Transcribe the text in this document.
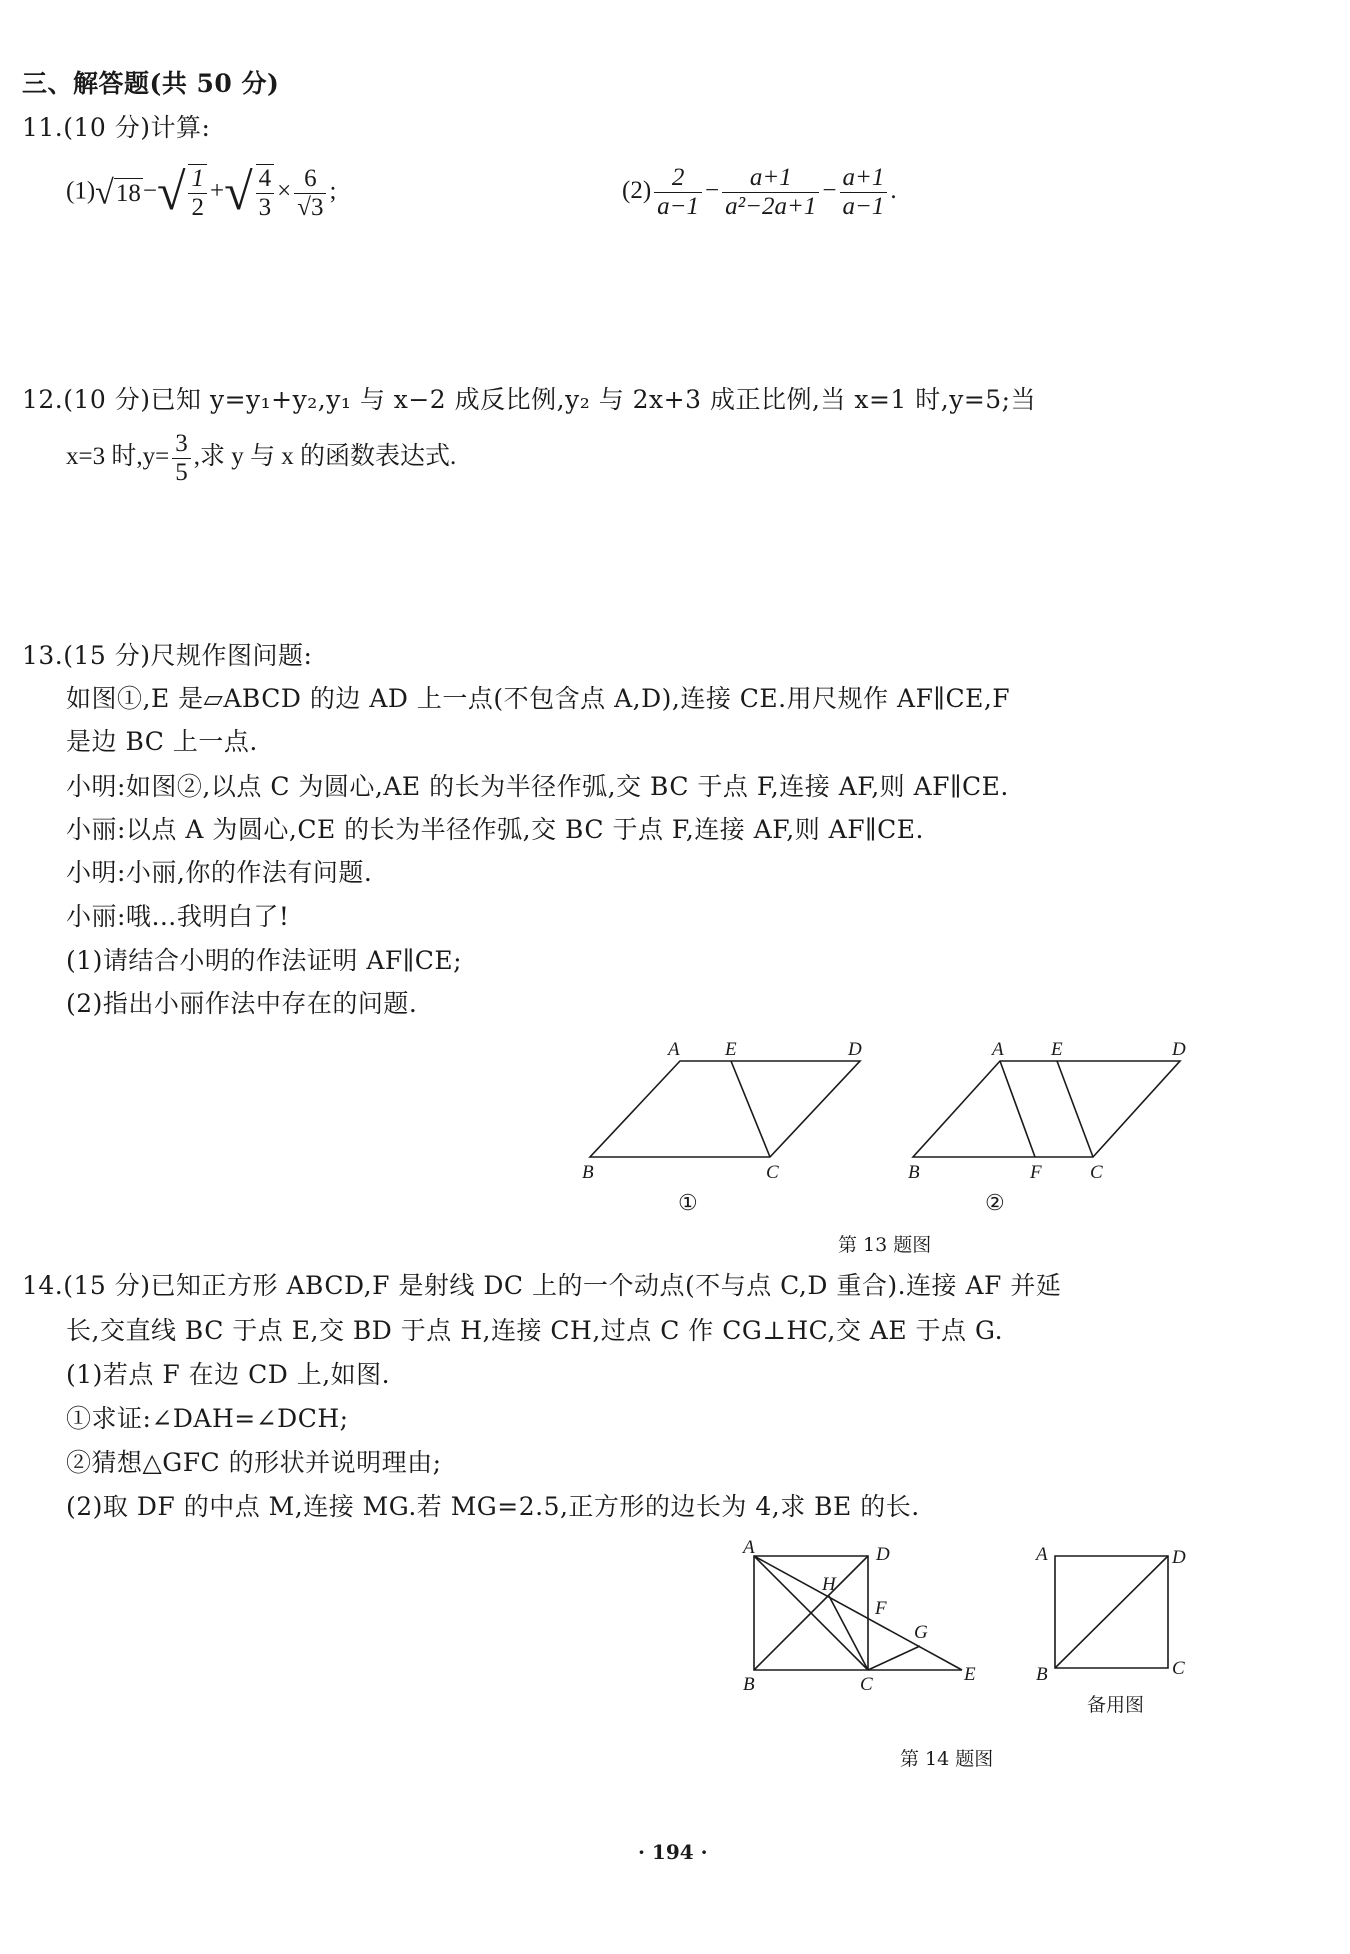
三、解答题(共 50 分)
11.(10 分)计算:
$(1)√18-√ \frac{1}{2}$ +√ $\frac{4}{3} \times \frac{6}{√3}$ ;	$(2) \frac{2}{a-1} - \frac{a+1}{\text{a²−2a+1}} - \frac{a+1}{a-1}$ .
12.(10 分)已知 y=y₁+y₂,y₁ 与 x−2 成反比例,y₂ 与 2x+3 成正比例,当 x=1 时,y=5;当
x=3 时$,y= \frac{3}{5}$ ,求 y 与 x 的函数表达式.
13.(15 分)尺规作图问题:
如图①,E 是▱ABCD 的边 AD 上一点(不包含点 A,D),连接 CE.用尺规作 AF∥CE,F
是边 BC 上一点.
小明:如图②,以点 C 为圆心,AE 的长为半径作弧,交 BC 于点 F,连接 AF,则 AF∥CE.
小丽:以点 A 为圆心,CE 的长为半径作弧,交 BC 于点 F,连接 AF,则 AF∥CE.
小明:小丽,你的作法有问题.
小丽:哦…我明白了!
(1)请结合小明的作法证明 AF∥CE;
(2)指出小丽作法中存在的问题.
A E	D
B	C
①
A E	D
B	F	C
②
A	D
H
F
G
B	C	E
A	D
B	C
第 13 题图
14.(15 分)已知正方形 ABCD,F 是射线 DC 上的一个动点(不与点 C,D 重合).连接 AF 并延
长,交直线 BC 于点 E,交 BD 于点 H,连接 CH,过点 C 作 CG⊥HC,交 AE 于点 G.
(1)若点 F 在边 CD 上,如图.
①求证:∠DAH=∠DCH;
②猜想△GFC 的形状并说明理由;
(2)取 DF 的中点 M,连接 MG.若 MG=2.5,正方形的边长为 4,求 BE 的长.
备用图
第 14 题图
· 194 ·
